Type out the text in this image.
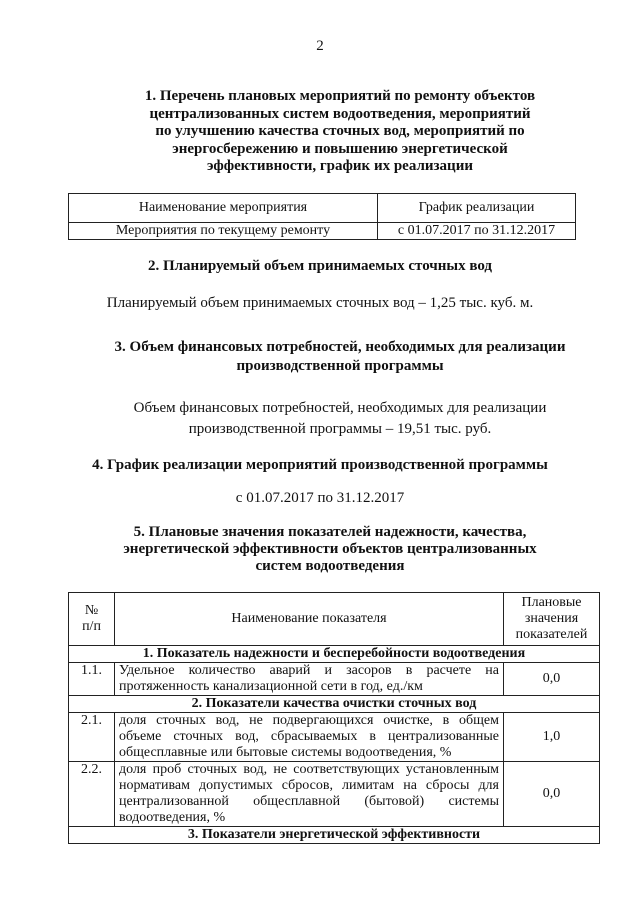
2
1. Перечень плановых мероприятий по ремонту объектов
централизованных систем водоотведения, мероприятий
по улучшению качества сточных вод, мероприятий по
энергосбережению и повышению энергетической
эффективности, график их реализации
Наименование мероприятия	График реализации
Мероприятия по текущему ремонту	с 01.07.2017 по 31.12.2017
2. Планируемый объем принимаемых сточных вод
Планируемый объем принимаемых сточных вод – 1,25 тыс. куб. м.
3. Объем финансовых потребностей, необходимых для реализации
производственной программы
Объем финансовых потребностей, необходимых для реализации
производственной программы – 19,51 тыс. руб.
4. График реализации мероприятий производственной программы
с 01.07.2017 по 31.12.2017
5. Плановые значения показателей надежности, качества,
энергетической эффективности объектов централизованных
систем водоотведения
№
п/п	Наименование показателя	Плановые
значения
показателей
1. Показатель надежности и бесперебойности водоотведения		
1.1.	Удельное количество аварий и засоров в расчете на протяженность канализационной сети в год, ед./км	0,0
2. Показатели качества очистки сточных вод		
2.1.	доля сточных вод, не подвергающихся очистке, в общем объеме сточных вод, сбрасываемых в централизованные общесплавные или бытовые системы водоотведения, %	1,0
2.2.	доля проб сточных вод, не соответствующих установленным нормативам допустимых сбросов, лимитам на сбросы для централизованной общесплавной (бытовой) системы водоотведения, %	0,0
3. Показатели энергетической эффективности		
